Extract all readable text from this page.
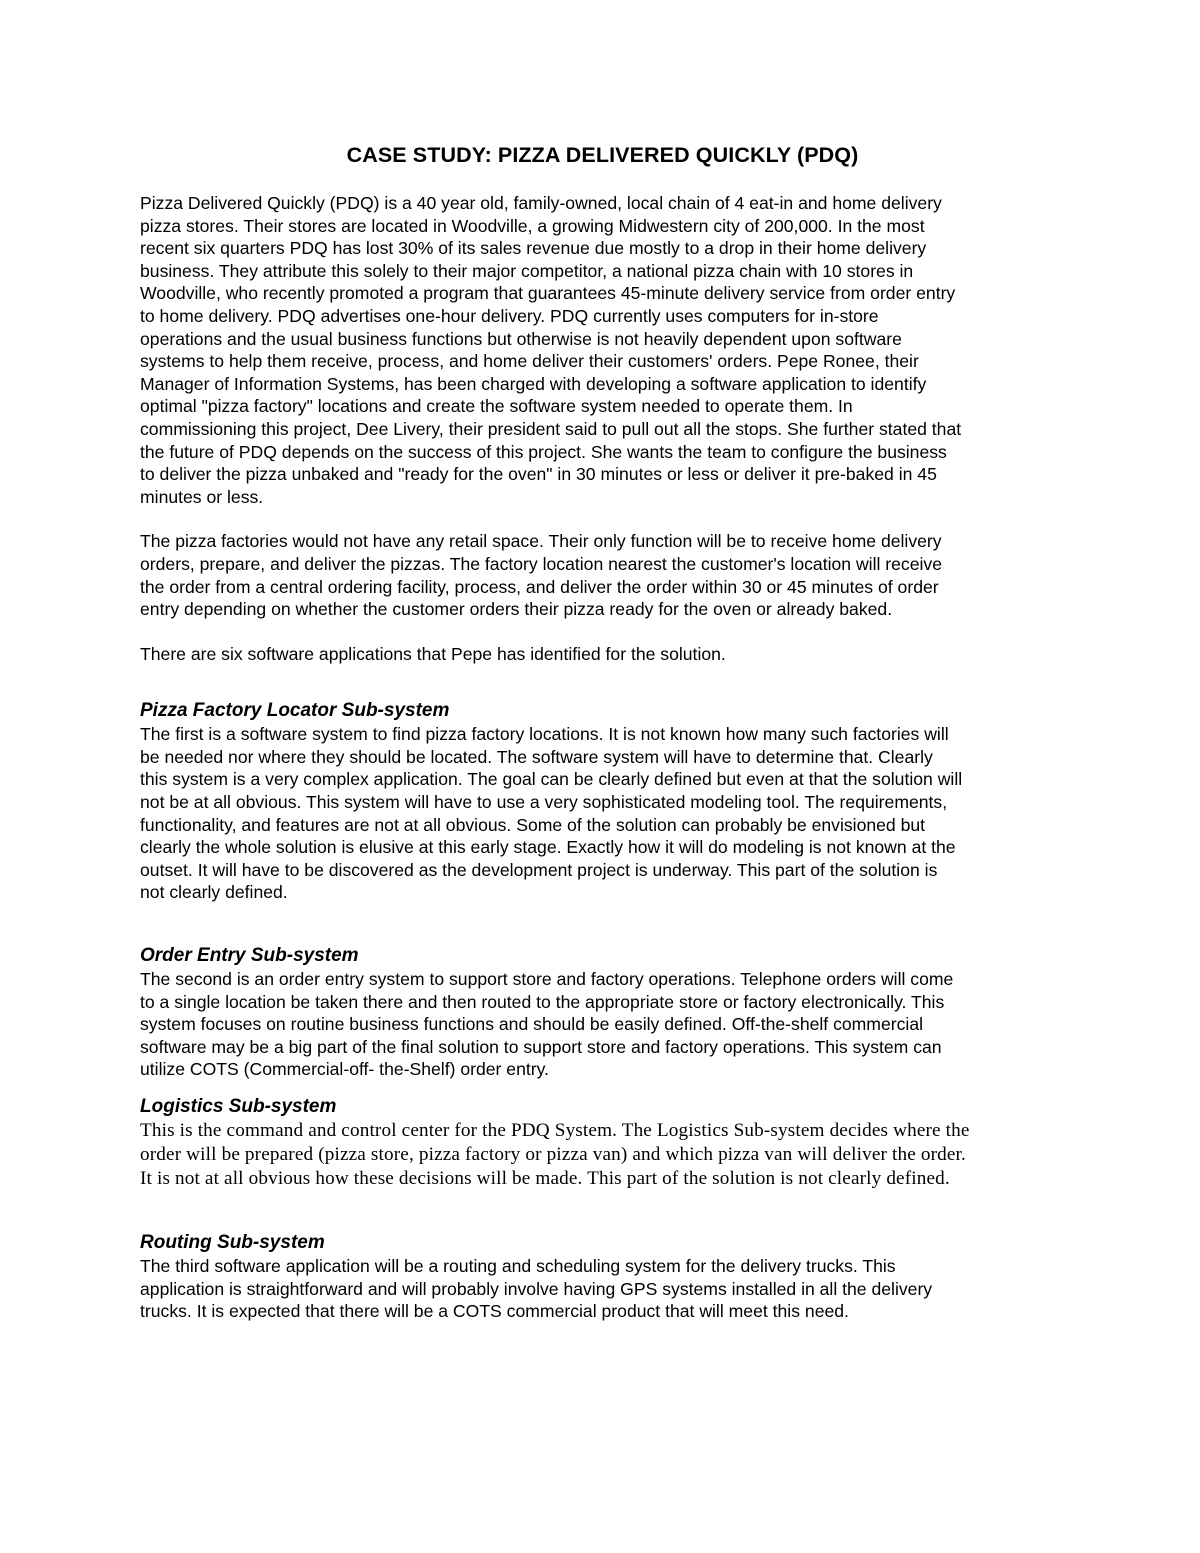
CASE STUDY: PIZZA DELIVERED QUICKLY (PDQ)

Pizza Delivered Quickly (PDQ) is a 40 year old, family-owned, local chain of 4 eat-in and home delivery
pizza stores. Their stores are located in Woodville, a growing Midwestern city of 200,000. In the most
recent six quarters PDQ has lost 30% of its sales revenue due mostly to a drop in their home delivery
business. They attribute this solely to their major competitor, a national pizza chain with 10 stores in
Woodville, who recently promoted a program that guarantees 45-minute delivery service from order entry
to home delivery. PDQ advertises one-hour delivery. PDQ currently uses computers for in-store
operations and the usual business functions but otherwise is not heavily dependent upon software
systems to help them receive, process, and home deliver their customers' orders. Pepe Ronee, their
Manager of Information Systems, has been charged with developing a software application to identify
optimal "pizza factory" locations and create the software system needed to operate them. In
commissioning this project, Dee Livery, their president said to pull out all the stops. She further stated that
the future of PDQ depends on the success of this project. She wants the team to configure the business
to deliver the pizza unbaked and "ready for the oven" in 30 minutes or less or deliver it pre-baked in 45
minutes or less.

The pizza factories would not have any retail space. Their only function will be to receive home delivery
orders, prepare, and deliver the pizzas. The factory location nearest the customer's location will receive
the order from a central ordering facility, process, and deliver the order within 30 or 45 minutes of order
entry depending on whether the customer orders their pizza ready for the oven or already baked.

There are six software applications that Pepe has identified for the solution.

Pizza Factory Locator Sub-system

The first is a software system to find pizza factory locations. It is not known how many such factories will
be needed nor where they should be located. The software system will have to determine that. Clearly
this system is a very complex application. The goal can be clearly defined but even at that the solution will
not be at all obvious. This system will have to use a very sophisticated modeling tool. The requirements,
functionality, and features are not at all obvious. Some of the solution can probably be envisioned but
clearly the whole solution is elusive at this early stage. Exactly how it will do modeling is not known at the
outset. It will have to be discovered as the development project is underway. This part of the solution is
not clearly defined.

Order Entry Sub-system

The second is an order entry system to support store and factory operations. Telephone orders will come
to a single location be taken there and then routed to the appropriate store or factory electronically. This
system focuses on routine business functions and should be easily defined. Off-the-shelf commercial
software may be a big part of the final solution to support store and factory operations. This system can
utilize COTS (Commercial-off- the-Shelf) order entry.

Logistics Sub-system

This is the command and control center for the PDQ System. The Logistics Sub-system decides where the
order will be prepared (pizza store, pizza factory or pizza van) and which pizza van will deliver the order.
It is not at all obvious how these decisions will be made. This part of the solution is not clearly defined.

Routing Sub-system

The third software application will be a routing and scheduling system for the delivery trucks. This
application is straightforward and will probably involve having GPS systems installed in all the delivery
trucks. It is expected that there will be a COTS commercial product that will meet this need.
